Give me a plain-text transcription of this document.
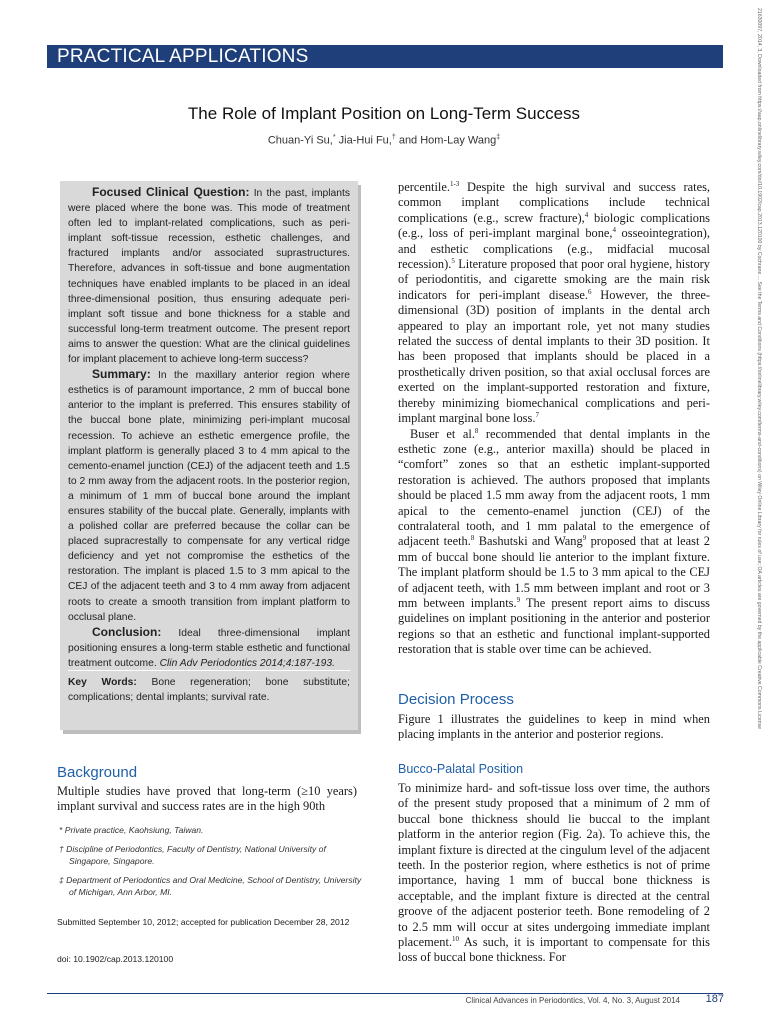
PRACTICAL APPLICATIONS	21630097, 2014, 3, Downloaded from https://aap.onlinelibrary.wiley.com/doi/10.1902/cap.2013.120100 by Cochrane ... See the Terms and Conditions (https://onlinelibrary.wiley.com/terms-and-conditions) on Wiley Online Library for rules of use; OA articles are governed by the applicable Creative Commons License
The Role of Implant Position on Long-Term Success
Chuan-Yi Su,* Jia-Hui Fu,† and Hom-Lay Wang‡

Focused Clinical Question: In the past, implants were placed where the bone was. This mode of treatment often led to implant-related complications, such as peri-implant soft-tissue recession, esthetic challenges, and fractured implants and/or associated suprastructures. Therefore, advances in soft-tissue and bone augmentation techniques have enabled implants to be placed in an ideal three-dimensional position, thus ensuring adequate peri-implant soft tissue and bone thickness for a stable and successful long-term treatment outcome. The present report aims to answer the question: What are the clinical guidelines for implant placement to achieve long-term success?

Summary: In the maxillary anterior region where esthetics is of paramount importance, 2 mm of buccal bone anterior to the implant is preferred. This ensures stability of the buccal bone plate, minimizing peri-implant mucosal recession. To achieve an esthetic emergence profile, the implant platform is generally placed 3 to 4 mm apical to the cemento-enamel junction (CEJ) of the adjacent teeth and 1.5 to 2 mm away from the adjacent roots. In the posterior region, a minimum of 1 mm of buccal bone around the implant ensures stability of the buccal plate. Generally, implants with a polished collar are preferred because the collar can be placed supracrestally to compensate for any vertical ridge deficiency and yet not compromise the esthetics of the restoration. The implant is placed 1.5 to 3 mm apical to the CEJ of the adjacent teeth and 3 to 4 mm away from adjacent roots to create a smooth transition from implant platform to occlusal plane.

Conclusion: Ideal three-dimensional implant positioning ensures a long-term stable esthetic and functional treatment outcome. Clin Adv Periodontics 2014;4:187-193.

Key Words: Bone regeneration; bone substitute; complications; dental implants; survival rate.

percentile.$^{1-3}$ Despite the high survival and success rates, common implant complications include technical complications (e.g., screw fracture),$^4$ biologic complications (e.g., loss of peri-implant marginal bone,$^4$ osseointegration), and esthetic complications (e.g., midfacial mucosal recession).$^5$ Literature proposed that poor oral hygiene, history of periodontitis, and cigarette smoking are the main risk indicators for peri-implant disease.$^6$ However, the three-dimensional (3D) position of implants in the dental arch appeared to play an important role, yet not many studies related the success of dental implants to their 3D position. It has been proposed that implants should be placed in a prosthetically driven position, so that axial occlusal forces are exerted on the implant-supported restoration and fixture, thereby minimizing biomechanical complications and peri-implant marginal bone loss.$^7$

Buser et al.$^8$ recommended that dental implants in the esthetic zone (e.g., anterior maxilla) should be placed in “comfort” zones so that an esthetic implant-supported restoration is achieved. The authors proposed that implants should be placed 1.5 mm away from the adjacent roots, 1 mm apical to the cemento-enamel junction (CEJ) of the contralateral tooth, and 1 mm palatal to the emergence of adjacent teeth.$^8$ Bashutski and Wang$^9$ proposed that at least 2 mm of buccal bone should lie anterior to the implant fixture. The implant platform should be 1.5 to 3 mm apical to the CEJ of adjacent teeth, with 1.5 mm between implant and root or 3 mm between implants.$^9$ The present report aims to discuss guidelines on implant positioning in the anterior and posterior regions so that an esthetic and functional implant-supported restoration that is stable over time can be achieved.

Decision Process

Figure 1 illustrates the guidelines to keep in mind when placing implants in the anterior and posterior regions.

Bucco-Palatal Position

To minimize hard- and soft-tissue loss over time, the authors of the present study proposed that a minimum of 2 mm of buccal bone thickness should lie buccal to the implant platform in the anterior region (Fig. 2a). To achieve this, the implant fixture is directed at the cingulum level of the adjacent teeth. In the posterior region, where esthetics is not of prime importance, having 1 mm of buccal bone thickness is acceptable, and the implant fixture is directed at the central groove of the adjacent posterior teeth. Bone remodeling of 2 to 2.5 mm will occur at sites undergoing immediate implant placement.$^{10}$ As such, it is important to compensate for this loss of buccal bone thickness. For

Background

Multiple studies have proved that long-term (≥10 years) implant survival and success rates are in the high 90th

* Private practice, Kaohsiung, Taiwan.

† Discipline of Periodontics, Faculty of Dentistry, National University of Singapore, Singapore.

‡ Department of Periodontics and Oral Medicine, School of Dentistry, University of Michigan, Ann Arbor, MI.

Submitted September 10, 2012; accepted for publication December 28, 2012
doi: 10.1902/cap.2013.120100
Clinical Advances in Periodontics, Vol. 4, No. 3, August 2014	187
